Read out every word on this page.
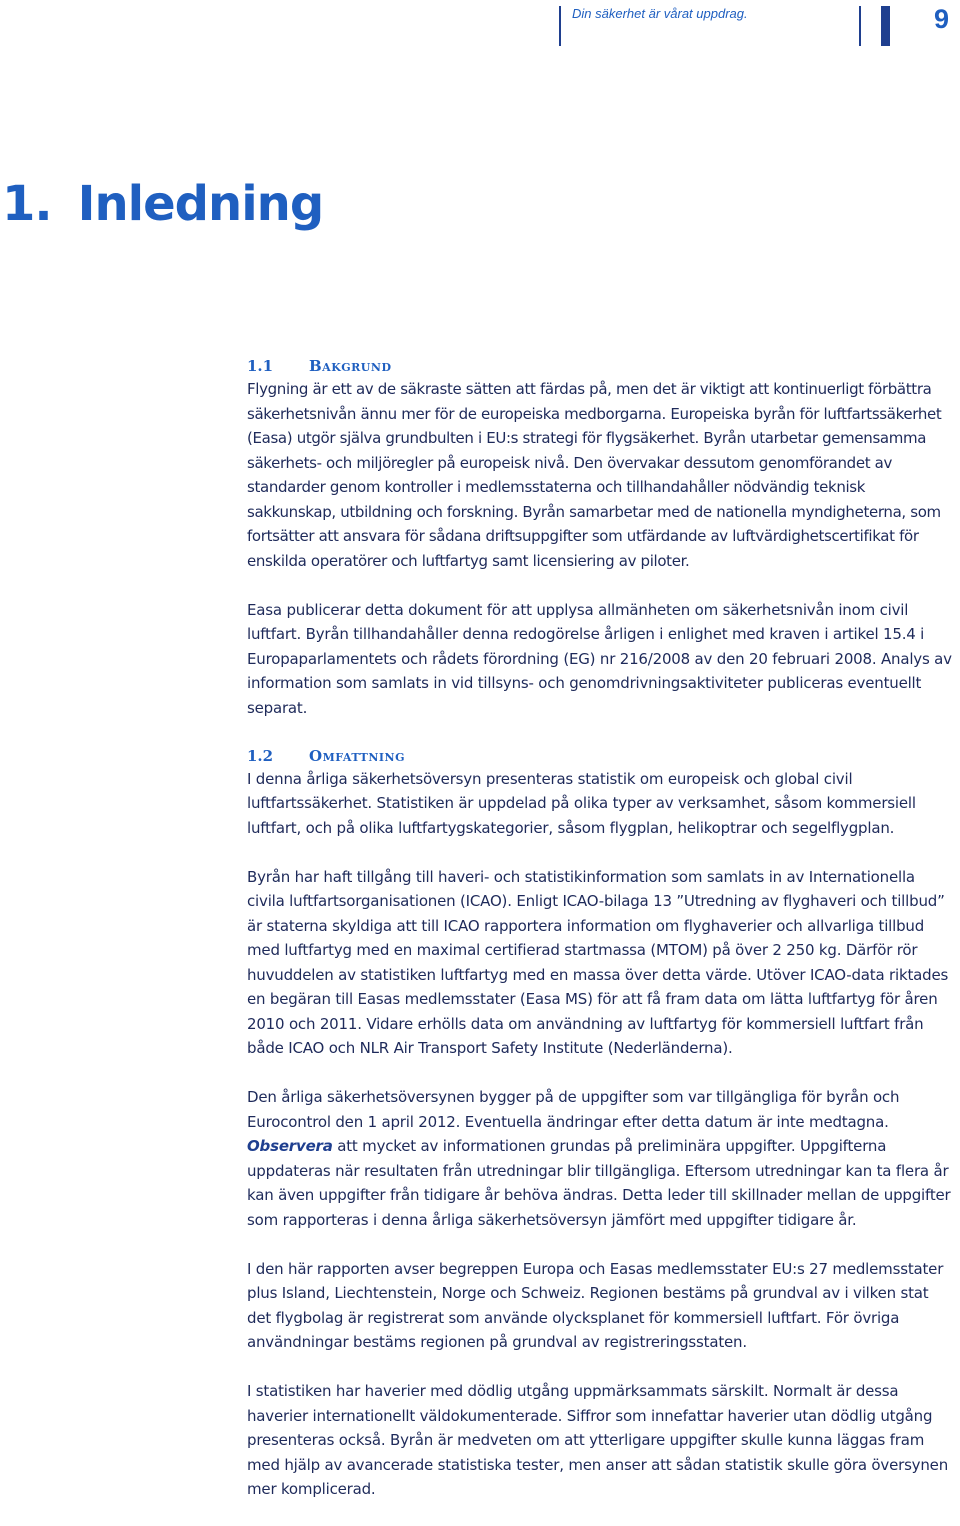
Din säkerhet är vårat uppdrag.	9
1. Inledning
1.1 Bakgrund

Flygning är ett av de säkraste sätten att färdas på, men det är viktigt att kontinuerligt förbättra säkerhetsnivån ännu mer för de europeiska medborgarna. Europeiska byrån för luftfartssäkerhet (Easa) utgör själva grundbulten i EU:s strategi för flygsäkerhet. Byrån utarbetar gemensamma säkerhets- och miljöregler på europeisk nivå. Den övervakar dessutom genomförandet av standarder genom kontroller i medlemsstaterna och tillhandahåller nödvändig teknisk sakkunskap, utbildning och forskning. Byrån samarbetar med de nationella myndigheterna, som fortsätter att ansvara för sådana driftsuppgifter som utfärdande av luftvärdighetscertifikat för enskilda operatörer och luftfartyg samt licensiering av piloter.

Easa publicerar detta dokument för att upplysa allmänheten om säkerhetsnivån inom civil luftfart. Byrån tillhandahåller denna redogörelse årligen i enlighet med kraven i artikel 15.4 i Europaparlamentets och rådets förordning (EG) nr 216/2008 av den 20 februari 2008. Analys av information som samlats in vid tillsyns- och genomdrivningsaktiviteter publiceras eventuellt separat.

1.2 Omfattning

I denna årliga säkerhetsöversyn presenteras statistik om europeisk och global civil luftfartssäkerhet. Statistiken är uppdelad på olika typer av verksamhet, såsom kommersiell luftfart, och på olika luftfartygskategorier, såsom flygplan, helikoptrar och segelflygplan.

Byrån har haft tillgång till haveri- och statistikinformation som samlats in av Internationella civila luftfartsorganisationen (ICAO). Enligt ICAO-bilaga 13 ”Utredning av flyghaveri och tillbud” är staterna skyldiga att till ICAO rapportera information om flyghaverier och allvarliga tillbud med luftfartyg med en maximal certifierad startmassa (MTOM) på över 2 250 kg. Därför rör huvuddelen av statistiken luftfartyg med en massa över detta värde. Utöver ICAO-data riktades en begäran till Easas medlemsstater (Easa MS) för att få fram data om lätta luftfartyg för åren 2010 och 2011. Vidare erhölls data om användning av luftfartyg för kommersiell luftfart från både ICAO och NLR Air Transport Safety Institute (Nederländerna).

Den årliga säkerhetsöversynen bygger på de uppgifter som var tillgängliga för byrån och Eurocontrol den 1 april 2012. Eventuella ändringar efter detta datum är inte medtagna. Observera att mycket av informationen grundas på preliminära uppgifter. Uppgifterna uppdateras när resultaten från utredningar blir tillgängliga. Eftersom utredningar kan ta flera år kan även uppgifter från tidigare år behöva ändras. Detta leder till skillnader mellan de uppgifter som rapporteras i denna årliga säkerhetsöversyn jämfört med uppgifter tidigare år.

I den här rapporten avser begreppen Europa och Easas medlemsstater EU:s 27 medlemsstater plus Island, Liechtenstein, Norge och Schweiz. Regionen bestäms på grundval av i vilken stat det flygbolag är registrerat som använde olycksplanet för kommersiell luftfart. För övriga användningar bestäms regionen på grundval av registreringsstaten.

I statistiken har haverier med dödlig utgång uppmärksammats särskilt. Normalt är dessa haverier internationellt väldokumenterade. Siffror som innefattar haverier utan dödlig utgång presenteras också. Byrån är medveten om att ytterligare uppgifter skulle kunna läggas fram med hjälp av avancerade statistiska tester, men anser att sådan statistik skulle göra översynen mer komplicerad.
